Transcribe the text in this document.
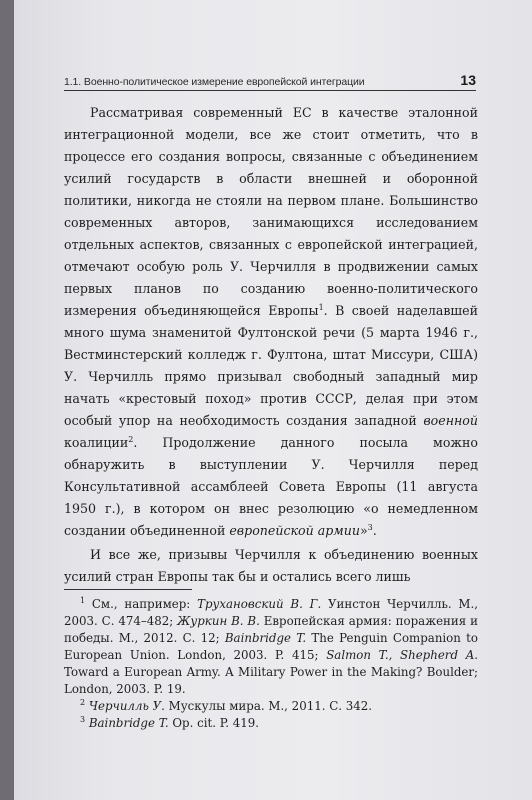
1.1. Военно-политическое измерение европейской интеграции	13

Рассматривая современный ЕС в качестве эталонной интеграционной модели, все же стоит отметить, что в процессе его создания вопросы, связанные с объединением усилий государств в области внешней и оборонной политики, никогда не стояли на первом плане. Большинство современных авторов, занимающихся исследованием отдельных аспектов, связанных с европейской интеграцией, отмечают особую роль У. Черчилля в продвижении самых первых планов по созданию военно-политического измерения объединяющейся Европы$^1$. В своей наделавшей много шума знаменитой Фултонской речи (5 марта 1946 г., Вестминстерский колледж г. Фултона, штат Миссури, США) У. Черчилль прямо призывал свободный западный мир начать «крестовый поход» против СССР, делая при этом особый упор на необходимость создания западной военной коалиции$^2$. Продолжение данного посыла можно обнаружить в выступлении У. Черчилля перед Консультативной ассамблеей Совета Европы (11 августа 1950 г.), в котором он внес резолюцию «о немедленном создании объединенной европейской армии»$^3$.

И все же, призывы Черчилля к объединению военных усилий стран Европы так бы и остались всего лишь

$^1$ См., например: Трухановский В. Г. Уинстон Черчилль. М., 2003. С. 474–482; Журкин В. В. Европейская армия: поражения и победы. М., 2012. С. 12; Bainbridge T. The Penguin Companion to European Union. London, 2003. P. 415; Salmon T., Shepherd A. Toward a European Army. A Military Power in the Making? Boulder; London, 2003. P. 19.

$^2$ Черчилль У. Мускулы мира. М., 2011. С. 342.

$^3$ Bainbridge T. Op. cit. P. 419.
